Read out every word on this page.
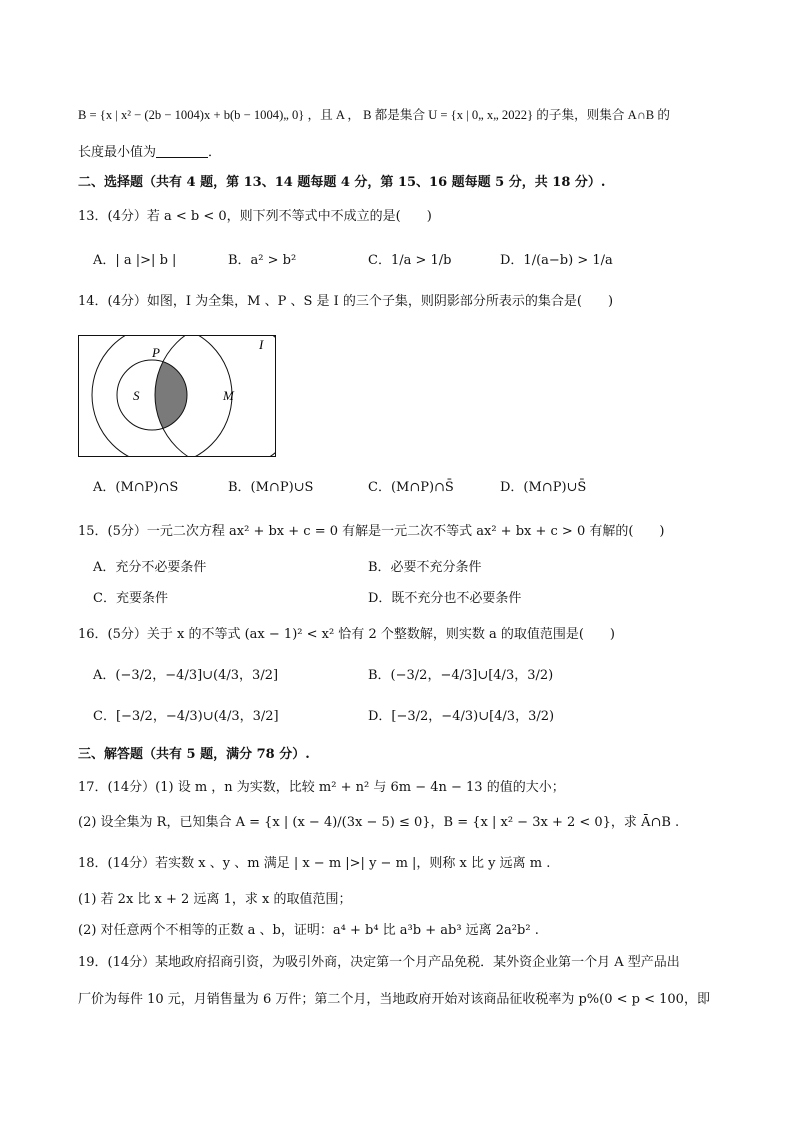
B = {x | x² − (2b − 1004)x + b(b − 1004)„ 0} ，且 A ， B 都是集合 U = {x | 0„ x„ 2022} 的子集，则集合 A∩B 的
长度最小值为	．
二、选择题（共有 4 题，第 13、14 题每题 4 分，第 15、16 题每题 5 分，共 18 分）.
13．(4分）若 a < b < 0，则下列不等式中不成立的是(　　)
A．| a |>| b |	B．a² > b²	C．1/a > 1/b	D．1/(a−b) > 1/a
14．(4分）如图，I 为全集，M 、P 、S 是 I 的三个子集，则阴影部分所表示的集合是(　　)
I
P
S	M
A．(M∩P)∩S	B．(M∩P)∪S	C．(M∩P)∩S̄	D．(M∩P)∪S̄
15．(5分）一元二次方程 ax² + bx + c = 0 有解是一元二次不等式 ax² + bx + c > 0 有解的(　　)
A．充分不必要条件	B．必要不充分条件
C．充要条件	D．既不充分也不必要条件
16．(5分）关于 x 的不等式 (ax − 1)² < x² 恰有 2 个整数解，则实数 a 的取值范围是(　　)
A．(−3/2，−4/3]∪(4/3，3/2]	B．(−3/2，−4/3]∪[4/3，3/2)
C．[−3/2，−4/3)∪(4/3，3/2]	D．[−3/2，−4/3)∪[4/3，3/2)
三、解答题（共有 5 题，满分 78 分）.
17．(14分）(1) 设 m ，n 为实数，比较 m² + n² 与 6m − 4n − 13 的值的大小；
(2) 设全集为 R，已知集合 A = {x | (x − 4)/(3x − 5) ≤ 0}，B = {x | x² − 3x + 2 < 0}，求 Ā∩B .
18．(14分）若实数 x 、y 、m 满足 | x − m |>| y − m |，则称 x 比 y 远离 m .
(1) 若 2x 比 x + 2 远离 1，求 x 的取值范围；
(2) 对任意两个不相等的正数 a 、b，证明：a⁴ + b⁴ 比 a³b + ab³ 远离 2a²b² .
19．(14分）某地政府招商引资，为吸引外商，决定第一个月产品免税．某外资企业第一个月 A 型产品出
厂价为每件 10 元，月销售量为 6 万件；第二个月，当地政府开始对该商品征收税率为 p%(0 < p < 100，即
